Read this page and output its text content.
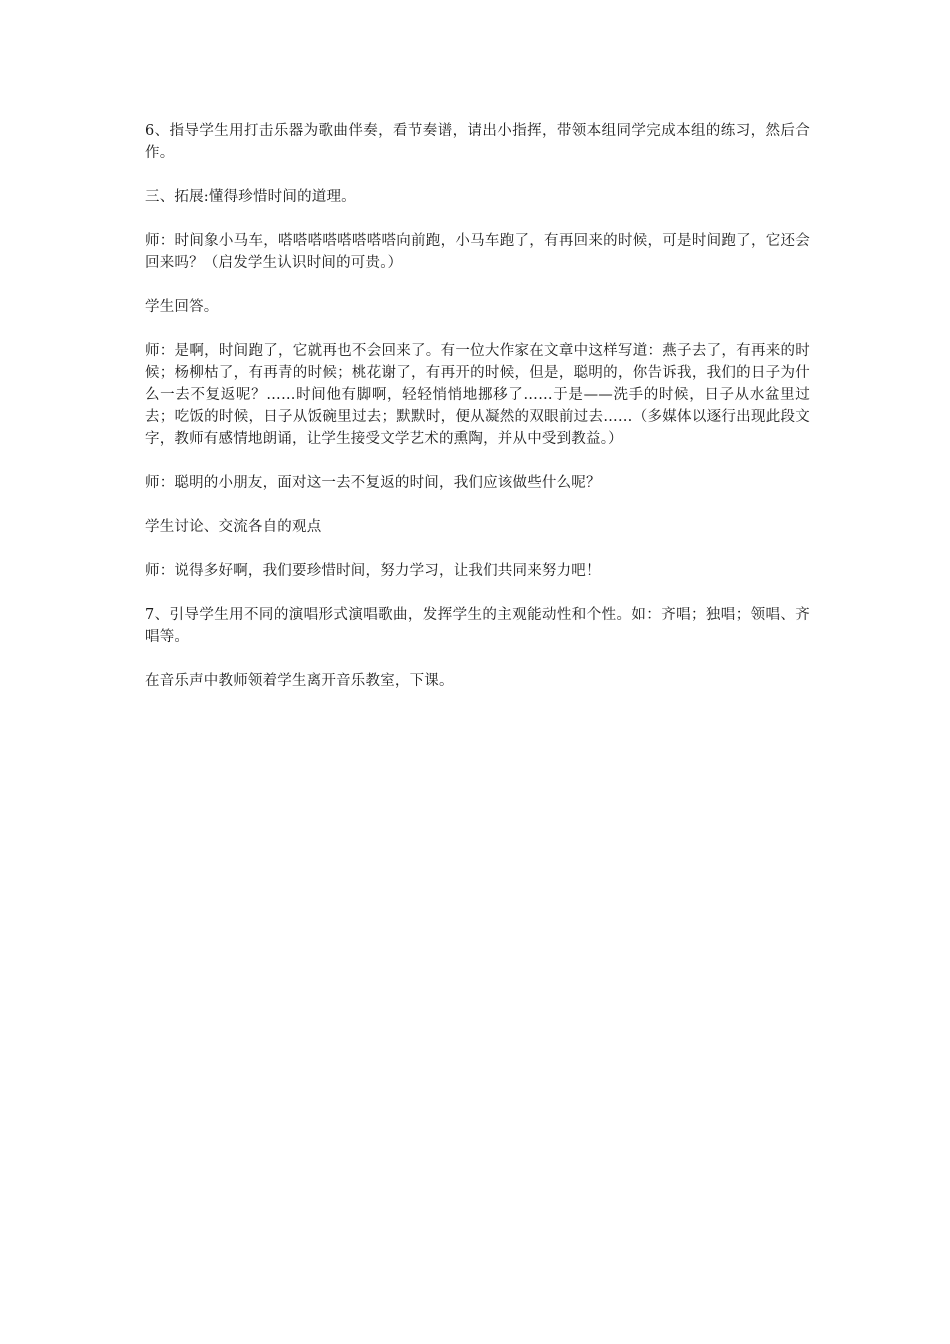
6、指导学生用打击乐器为歌曲伴奏，看节奏谱，请出小指挥，带领本组同学完成本组的练习，然后合作。

三、拓展:懂得珍惜时间的道理。

师：时间象小马车，嗒嗒嗒嗒嗒嗒嗒嗒向前跑，小马车跑了，有再回来的时候，可是时间跑了，它还会回来吗？（启发学生认识时间的可贵。）

学生回答。

师：是啊，时间跑了，它就再也不会回来了。有一位大作家在文章中这样写道：燕子去了，有再来的时候；杨柳枯了，有再青的时候；桃花谢了，有再开的时候，但是，聪明的，你告诉我，我们的日子为什么一去不复返呢？……时间他有脚啊，轻轻悄悄地挪移了……于是——洗手的时候，日子从水盆里过去；吃饭的时候，日子从饭碗里过去；默默时，便从凝然的双眼前过去……（多媒体以逐行出现此段文字，教师有感情地朗诵，让学生接受文学艺术的熏陶，并从中受到教益。）

师：聪明的小朋友，面对这一去不复返的时间，我们应该做些什么呢？

学生讨论、交流各自的观点

师：说得多好啊，我们要珍惜时间，努力学习，让我们共同来努力吧！

7、引导学生用不同的演唱形式演唱歌曲，发挥学生的主观能动性和个性。如：齐唱；独唱；领唱、齐唱等。

在音乐声中教师领着学生离开音乐教室，下课。
